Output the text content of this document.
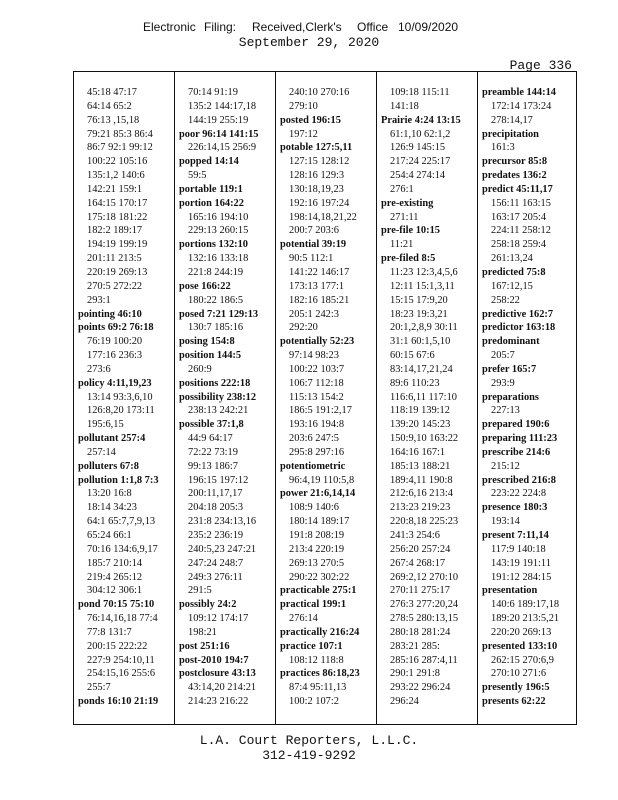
Electronic Filing: Received,Clerk's Office 10/09/2020
September 29, 2020
Page 336
45:18 47:17
64:14 65:2
76:13 ,15,18
79:21 85:3 86:4
86:7 92:1 99:12
100:22 105:16
135:1,2 140:6
142:21 159:1
164:15 170:17
175:18 181:22
182:2 189:17
194:19 199:19
201:11 213:5
220:19 269:13
270:5 272:22
293:1
pointing 46:10
points 69:2 76:18
76:19 100:20
177:16 236:3
273:6
policy 4:11,19,23
13:14 93:3,6,10
126:8,20 173:11
195:6,15
pollutant 257:4
257:14
polluters 67:8
pollution 1:1,8 7:3
13:20 16:8
18:14 34:23
64:1 65:7,7,9,13
65:24 66:1
70:16 134:6,9,17
185:7 210:14
219:4 265:12
304:12 306:1
pond 70:15 75:10
76:14,16,18 77:4
77:8 131:7
200:15 222:22
227:9 254:10,11
254:15,16 255:6
255:7
ponds 16:10 21:19
70:14 91:19
135:2 144:17,18
144:19 255:19
poor 96:14 141:15
226:14,15 256:9
popped 14:14
59:5
portable 119:1
portion 164:22
165:16 194:10
229:13 260:15
portions 132:10
132:16 133:18
221:8 244:19
pose 166:22
180:22 186:5
posed 7:21 129:13
130:7 185:16
posing 154:8
position 144:5
260:9
positions 222:18
possibility 238:12
238:13 242:21
possible 37:1,8
44:9 64:17
72:22 73:19
99:13 186:7
196:15 197:12
200:11,17,17
204:18 205:3
231:8 234:13,16
235:2 236:19
240:5,23 247:21
247:24 248:7
249:3 276:11
291:5
possibly 24:2
109:12 174:17
198:21
post 251:16
post-2010 194:7
postclosure 43:13
43:14,20 214:21
214:23 216:22
240:10 270:16
279:10
posted 196:15
197:12
potable 127:5,11
127:15 128:12
128:16 129:3
130:18,19,23
192:16 197:24
198:14,18,21,22
200:7 203:6
potential 39:19
90:5 112:1
141:22 146:17
173:13 177:1
182:16 185:21
205:1 242:3
292:20
potentially 52:23
97:14 98:23
100:22 103:7
106:7 112:18
115:13 154:2
186:5 191:2,17
193:16 194:8
203:6 247:5
295:8 297:16
potentiometric
96:4,19 110:5,8
power 21:6,14,14
108:9 140:6
180:14 189:17
191:8 208:19
213:4 220:19
269:13 270:5
290:22 302:22
practicable 275:1
practical 199:1
276:14
practically 216:24
practice 107:1
108:12 118:8
practices 86:18,23
87:4 95:11,13
100:2 107:2
109:18 115:11
141:18
Prairie 4:24 13:15
61:1,10 62:1,2
126:9 145:15
217:24 225:17
254:4 274:14
276:1
pre-existing
271:11
pre-file 10:15
11:21
pre-filed 8:5
11:23 12:3,4,5,6
12:11 15:1,3,11
15:15 17:9,20
18:23 19:3,21
20:1,2,8,9 30:11
31:1 60:1,5,10
60:15 67:6
83:14,17,21,24
89:6 110:23
116:6,11 117:10
118:19 139:12
139:20 145:23
150:9,10 163:22
164:16 167:1
185:13 188:21
189:4,11 190:8
212:6,16 213:4
213:23 219:23
220:8,18 225:23
241:3 254:6
256:20 257:24
267:4 268:17
269:2,12 270:10
270:11 275:17
276:3 277:20,24
278:5 280:13,15
280:18 281:24
283:21 285:
285:16 287:4,11
290:1 291:8
293:22 296:24
296:24
preamble 144:14
172:14 173:24
278:14,17
precipitation
161:3
precursor 85:8
predates 136:2
predict 45:11,17
156:11 163:15
163:17 205:4
224:11 258:12
258:18 259:4
261:13,24
predicted 75:8
167:12,15
258:22
predictive 162:7
predictor 163:18
predominant
205:7
prefer 165:7
293:9
preparations
227:13
prepared 190:6
preparing 111:23
prescribe 214:6
215:12
prescribed 216:8
223:22 224:8
presence 180:3
193:14
present 7:11,14
117:9 140:18
143:19 191:11
191:12 284:15
presentation
140:6 189:17,18
189:20 213:5,21
220:20 269:13
presented 133:10
262:15 270:6,9
270:10 271:6
presently 196:5
presents 62:22
L.A. Court Reporters, L.L.C.
312-419-9292
